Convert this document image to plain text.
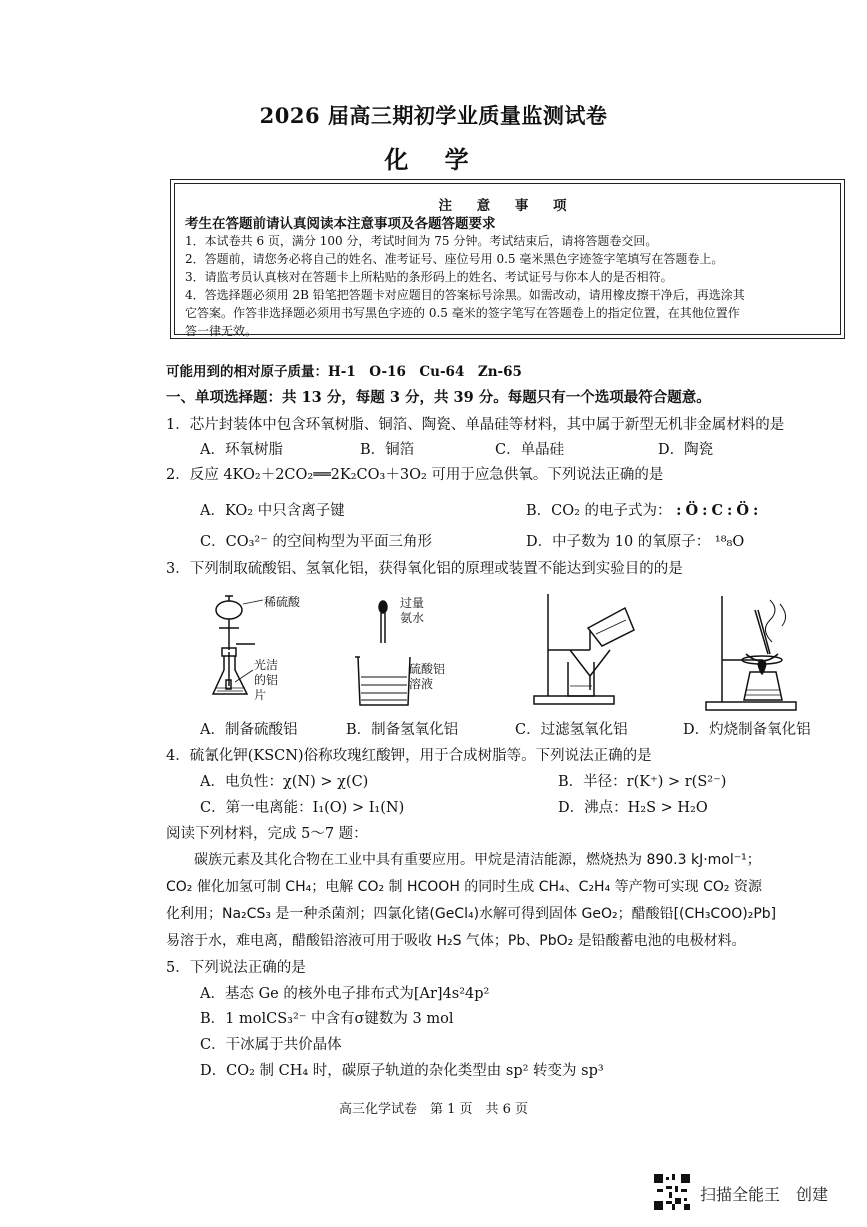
2026 届高三期初学业质量监测试卷
化 学
注 意 事 项
考生在答题前请认真阅读本注意事项及各题答题要求
1．本试卷共 6 页，满分 100 分，考试时间为 75 分钟。考试结束后，请将答题卷交回。
2．答题前，请您务必将自己的姓名、准考证号、座位号用 0.5 毫米黑色字迹签字笔填写在答题卷上。
3．请监考员认真核对在答题卡上所粘贴的条形码上的姓名、考试证号与你本人的是否相符。
4．答选择题必须用 2B 铅笔把答题卡对应题目的答案标号涂黑。如需改动，请用橡皮擦干净后，再选涂其
它答案。作答非选择题必须用书写黑色字迹的 0.5 毫米的签字笔写在答题卷上的指定位置，在其他位置作
答一律无效。
可能用到的相对原子质量：H-1　O-16　Cu-64　Zn-65
一、单项选择题：共 13 分，每题 3 分，共 39 分。每题只有一个选项最符合题意。
1．芯片封装体中包含环氧树脂、铜箔、陶瓷、单晶硅等材料，其中属于新型无机非金属材料的是
A．环氧树脂	B．铜箔	C．单晶硅	D．陶瓷
2．反应 4KO₂＋2CO₂══2K₂CO₃＋3O₂ 可用于应急供氧。下列说法正确的是
A．KO₂ 中只含离子键	B．CO₂ 的电子式为： :Ö:C:Ö:
C．CO₃²⁻ 的空间构型为平面三角形	D．中子数为 10 的氧原子： ¹⁸₈O
3．下列制取硫酸铝、氢氧化铝，获得氧化铝的原理或装置不能达到实验目的的是
稀硫酸
光洁的铝片
过量氨水
硫酸铝溶液
A．制备硫酸铝	B．制备氢氧化铝	C．过滤氢氧化铝	D．灼烧制备氧化铝
4．硫氰化钾(KSCN)俗称玫瑰红酸钾，用于合成树脂等。下列说法正确的是
A．电负性：χ(N) > χ(C)	B．半径：r(K⁺) > r(S²⁻)
C．第一电离能：I₁(O) > I₁(N)	D．沸点：H₂S > H₂O
阅读下列材料，完成 5～7 题：
　　碳族元素及其化合物在工业中具有重要应用。甲烷是清洁能源，燃烧热为 890.3 kJ·mol⁻¹；
CO₂ 催化加氢可制 CH₄；电解 CO₂ 制 HCOOH 的同时生成 CH₄、C₂H₄ 等产物可实现 CO₂ 资源
化利用；Na₂CS₃ 是一种杀菌剂；四氯化锗(GeCl₄)水解可得到固体 GeO₂；醋酸铅[(CH₃COO)₂Pb]
易溶于水，难电离，醋酸铅溶液可用于吸收 H₂S 气体；Pb、PbO₂ 是铅酸蓄电池的电极材料。
5．下列说法正确的是
A．基态 Ge 的核外电子排布式为[Ar]4s²4p²
B．1 molCS₃²⁻ 中含有σ键数为 3 mol
C．干冰属于共价晶体
D．CO₂ 制 CH₄ 时，碳原子轨道的杂化类型由 sp² 转变为 sp³
高三化学试卷　第 1 页　共 6 页
扫描全能王　创建
